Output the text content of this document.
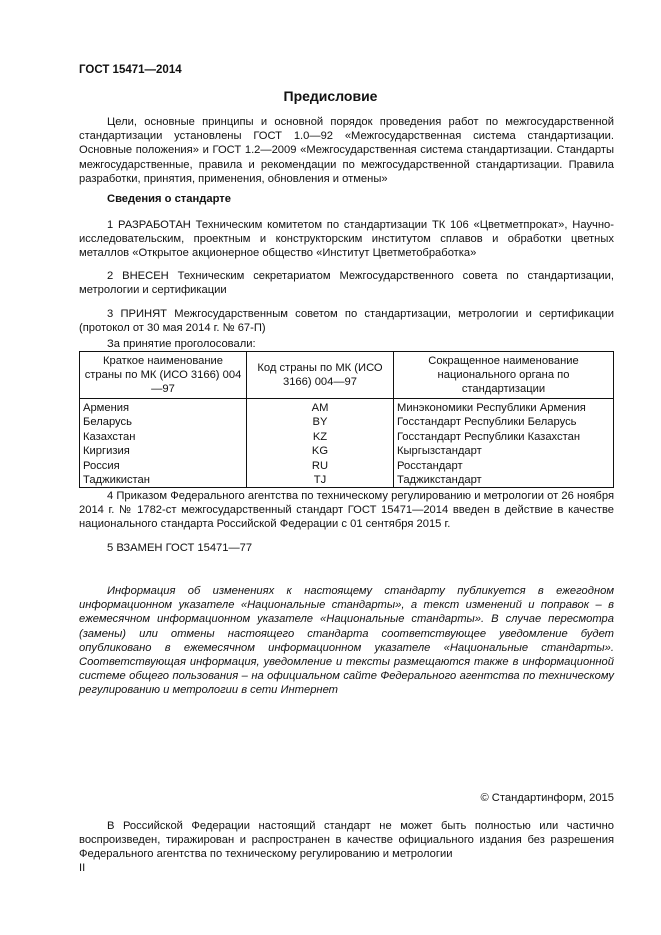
ГОСТ 15471—2014
Предисловие
Цели, основные принципы и основной порядок проведения работ по межгосударственной стандартизации установлены ГОСТ 1.0—92 «Межгосударственная система стандартизации. Основные положения» и ГОСТ 1.2—2009 «Межгосударственная система стандартизации. Стандарты межгосударственные, правила и рекомендации по межгосударственной стандартизации. Правила разработки, принятия, применения, обновления и отмены»
Сведения о стандарте
1 РАЗРАБОТАН Техническим комитетом по стандартизации ТК 106 «Цветметпрокат», Научно-исследовательским, проектным и конструкторским институтом сплавов и обработки цветных металлов «Открытое акционерное общество «Институт Цветметобработка»
2 ВНЕСЕН Техническим секретариатом Межгосударственного совета по стандартизации, метрологии и сертификации
3 ПРИНЯТ Межгосударственным советом по стандартизации, метрологии и сертификации (протокол от 30 мая 2014 г. № 67-П)
За принятие проголосовали:
Краткое наименование страны по МК (ИСО 3166) 004—97	Код страны по МК (ИСО 3166) 004—97	Сокращенное наименование национального органа по стандартизации
Армения	AM	Минэкономики Республики Армения
Беларусь	BY	Госстандарт Республики Беларусь
Казахстан	KZ	Госстандарт Республики Казахстан
Киргизия	KG	Кыргызстандарт
Россия	RU	Росстандарт
Таджикистан	TJ	Таджикстандарт
4 Приказом Федерального агентства по техническому регулированию и метрологии от 26 ноября 2014 г. № 1782-ст межгосударственный стандарт ГОСТ 15471—2014 введен в действие в качестве национального стандарта Российской Федерации с 01 сентября 2015 г.
5 ВЗАМЕН ГОСТ 15471—77
Информация об изменениях к настоящему стандарту публикуется в ежегодном информационном указателе «Национальные стандарты», а текст изменений и поправок – в ежемесячном информационном указателе «Национальные стандарты». В случае пересмотра (замены) или отмены настоящего стандарта соответствующее уведомление будет опубликовано в ежемесячном информационном указателе «Национальные стандарты». Соответствующая информация, уведомление и тексты размещаются также в информационной системе общего пользования – на официальном сайте Федерального агентства по техническому регулированию и метрологии в сети Интернет
© Стандартинформ, 2015
В Российской Федерации настоящий стандарт не может быть полностью или частично воспроизведен, тиражирован и распространен в качестве официального издания без разрешения Федерального агентства по техническому регулированию и метрологии
II
